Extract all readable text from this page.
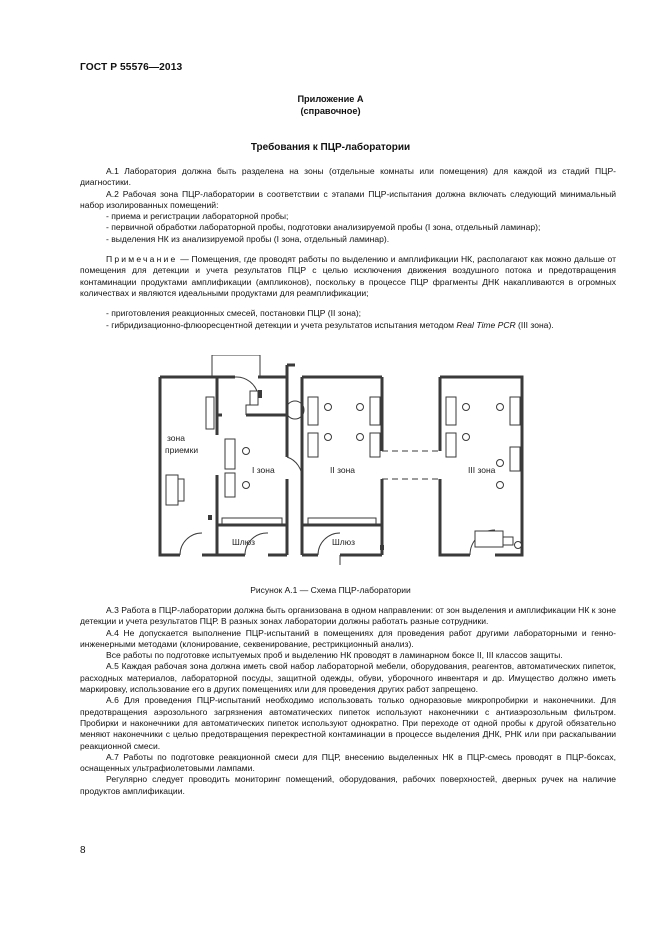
ГОСТ Р 55576—2013
Приложение А
(справочное)
Требования к ПЦР-лаборатории

А.1 Лаборатория должна быть разделена на зоны (отдельные комнаты или помещения) для каждой из стадий ПЦР-диагностики.

А.2 Рабочая зона ПЦР-лаборатории в соответствии с этапами ПЦР-испытания должна включать следующий минимальный набор изолированных помещений:

- приема и регистрации лабораторной пробы;

- первичной обработки лабораторной пробы, подготовки анализируемой пробы (I зона, отдельный ламинар);

- выделения НК из анализируемой пробы (I зона, отдельный ламинар).

Примечание — Помещения, где проводят работы по выделению и амплификации НК, располагают как можно дальше от помещения для детекции и учета результатов ПЦР с целью исключения движения воздушного потока и предотвращения контаминации продуктами амплификации (ампликонов), поскольку в процессе ПЦР фрагменты ДНК накапливаются в огромных количествах и являются идеальными продуктами для реамплификации;

- приготовления реакционных смесей, постановки ПЦР (II зона);

- гибридизационно-флюоресцентной детекции и учета результатов испытания методом Real Time PCR (III зона).

зона
приемки
I зона	II зона	III зона
Шлюз	Шлюз
Рисунок А.1 — Схема ПЦР-лаборатории

А.3 Работа в ПЦР-лаборатории должна быть организована в одном направлении: от зон выделения и амплификации НК к зоне детекции и учета результатов ПЦР. В разных зонах лаборатории должны работать разные сотрудники.

А.4 Не допускается выполнение ПЦР-испытаний в помещениях для проведения работ другими лабораторными и генно-инженерными методами (клонирование, секвенирование, рестрикционный анализ).

Все работы по подготовке испытуемых проб и выделению НК проводят в ламинарном боксе II, III классов защиты.

А.5 Каждая рабочая зона должна иметь свой набор лабораторной мебели, оборудования, реагентов, автоматических пипеток, расходных материалов, лабораторной посуды, защитной одежды, обуви, уборочного инвентаря и др. Имущество должно иметь маркировку, использование его в других помещениях или для проведения других работ запрещено.

А.6 Для проведения ПЦР-испытаний необходимо использовать только одноразовые микропробирки и наконечники. Для предотвращения аэрозольного загрязнения автоматических пипеток используют наконечники с антиаэрозольным фильтром. Пробирки и наконечники для автоматических пипеток используют однократно. При переходе от одной пробы к другой обязательно меняют наконечники с целью предотвращения перекрестной контаминации в процессе выделения ДНК, РНК или при раскапывании реакционной смеси.

А.7 Работы по подготовке реакционной смеси для ПЦР, внесению выделенных НК в ПЦР-смесь проводят в ПЦР-боксах, оснащенных ультрафиолетовыми лампами.

Регулярно следует проводить мониторинг помещений, оборудования, рабочих поверхностей, дверных ручек на наличие продуктов амплификации.

8
